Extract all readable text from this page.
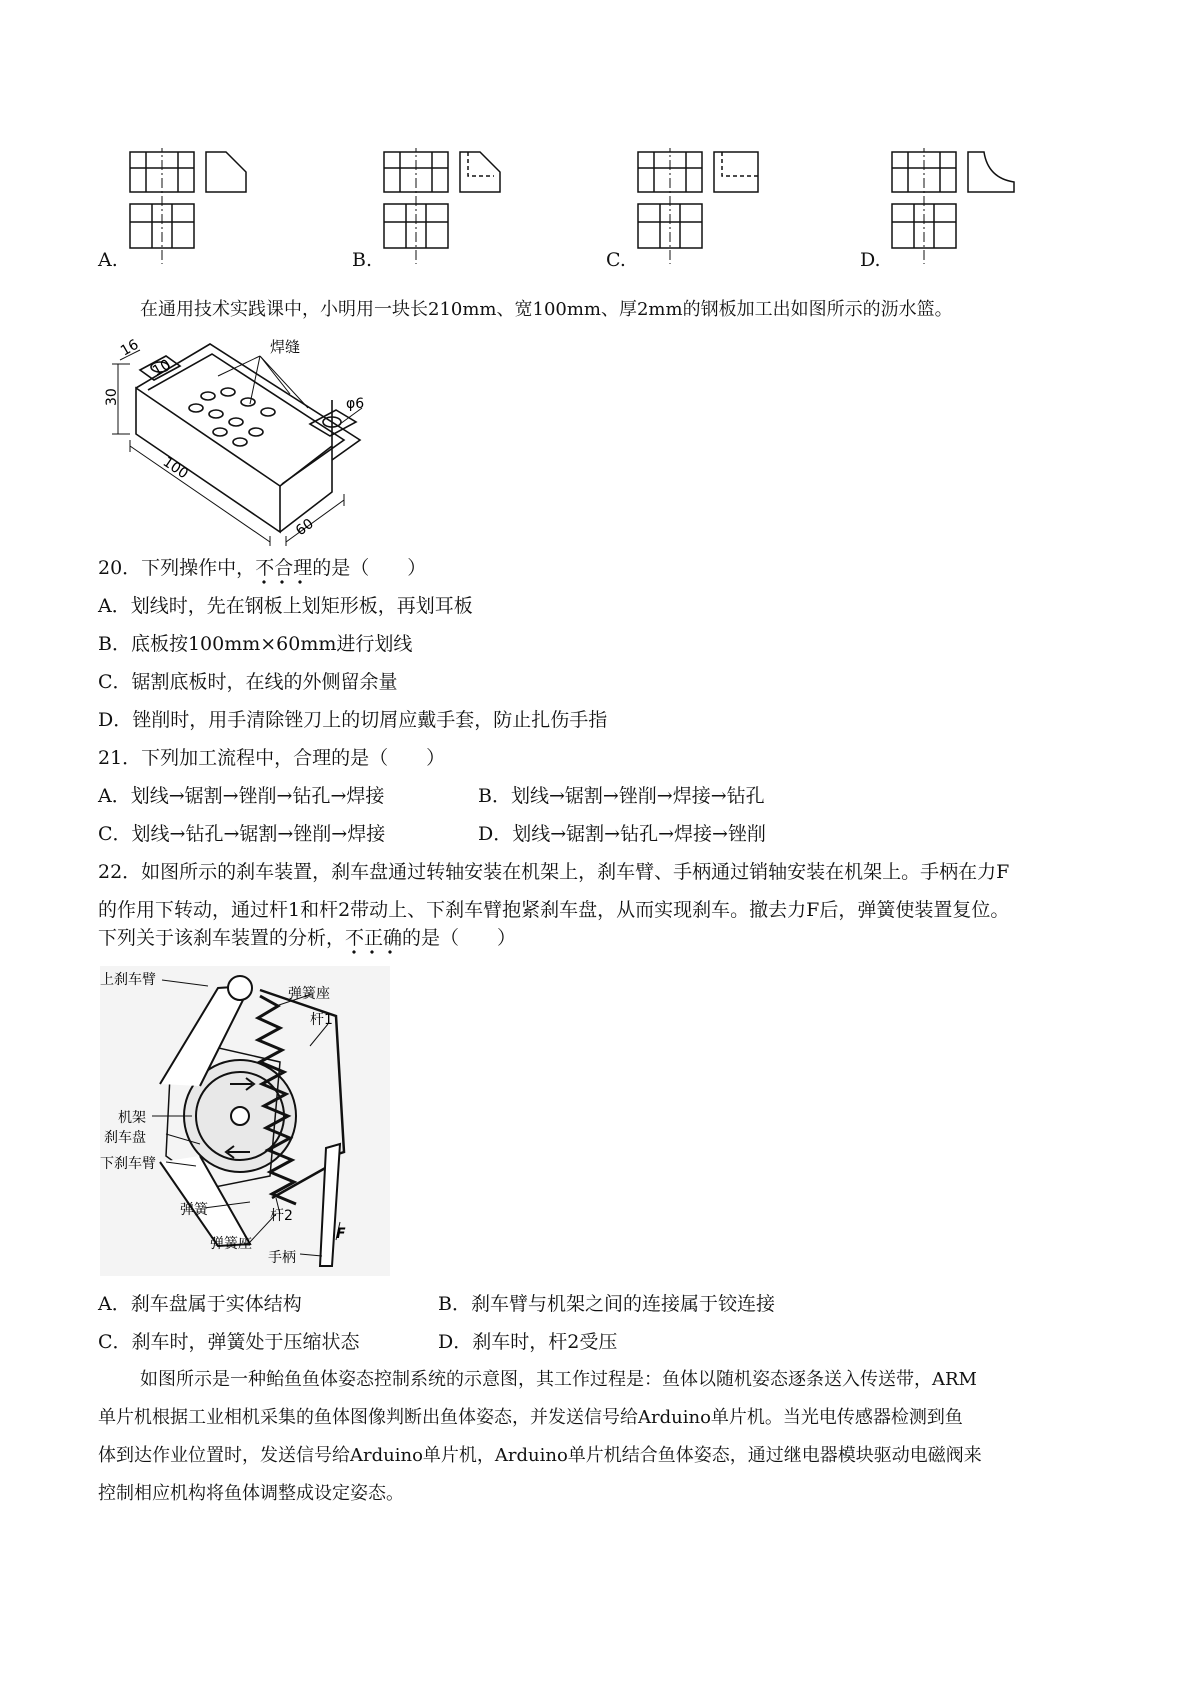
A.	B.	C.	D.
在通用技术实践课中，小明用一块长210mm、宽100mm、厚2mm的钢板加工出如图所示的沥水篮。
16
10
30
100
60
φ6
焊缝
20．下列操作中，不合理的是（　　）
A．划线时，先在钢板上划矩形板，再划耳板
B．底板按100mm×60mm进行划线
C．锯割底板时，在线的外侧留余量
D．锉削时，用手清除锉刀上的切屑应戴手套，防止扎伤手指
21．下列加工流程中，合理的是（　　）
A．划线→锯割→锉削→钻孔→焊接	B．划线→锯割→锉削→焊接→钻孔
C．划线→钻孔→锯割→锉削→焊接	D．划线→锯割→钻孔→焊接→锉削
22．如图所示的刹车装置，刹车盘通过转轴安装在机架上，刹车臂、手柄通过销轴安装在机架上。手柄在力F
的作用下转动，通过杆1和杆2带动上、下刹车臂抱紧刹车盘，从而实现刹车。撤去力F后，弹簧使装置复位。
下列关于该刹车装置的分析，不正确的是（　　）
上刹车臂
弹簧座
杆1
机架
刹车盘
下刹车臂
弹簧	杆2
弹簧座
F
手柄
A．刹车盘属于实体结构	B．刹车臂与机架之间的连接属于铰连接
C．刹车时，弹簧处于压缩状态	D．刹车时，杆2受压
如图所示是一种鲐鱼鱼体姿态控制系统的示意图，其工作过程是：鱼体以随机姿态逐条送入传送带，ARM
单片机根据工业相机采集的鱼体图像判断出鱼体姿态，并发送信号给Arduino单片机。当光电传感器检测到鱼
体到达作业位置时，发送信号给Arduino单片机，Arduino单片机结合鱼体姿态，通过继电器模块驱动电磁阀来
控制相应机构将鱼体调整成设定姿态。
